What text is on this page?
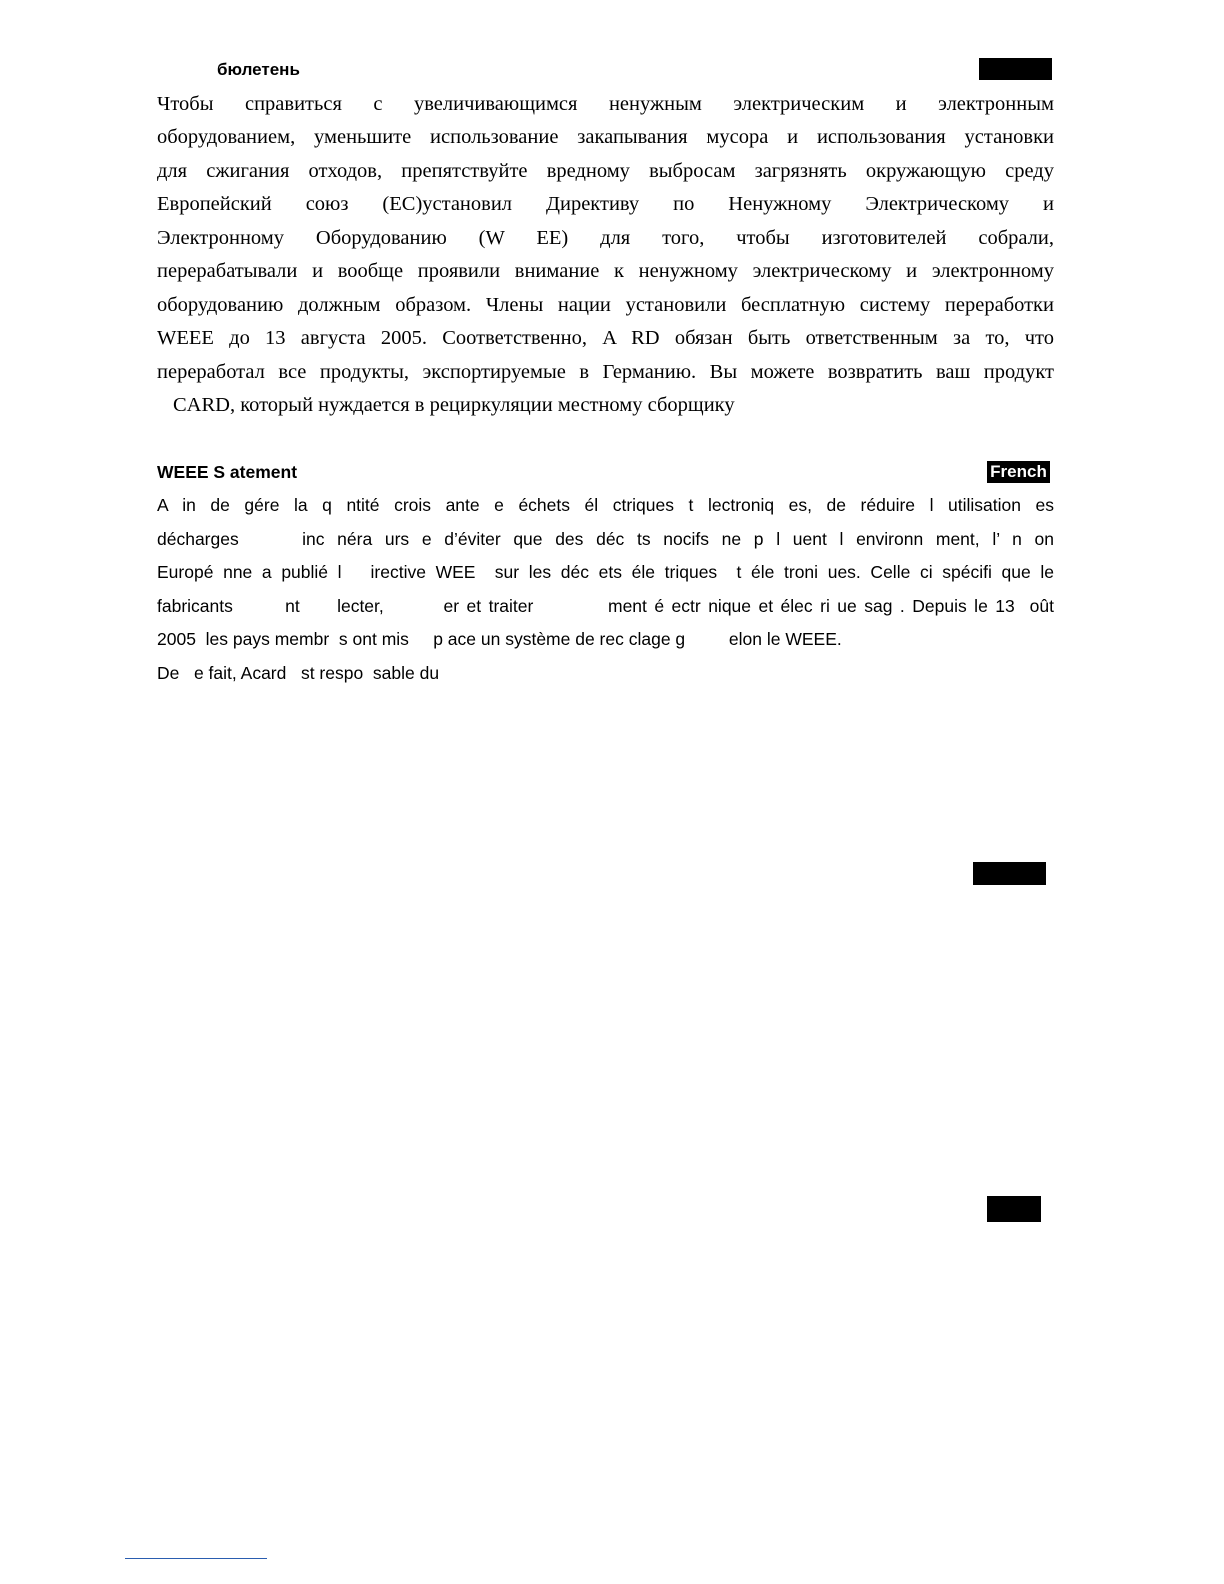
бюлетень
Чтобы справиться с увеличивающимся ненужным электрическим и электронным
оборудованием, уменьшите использование закапывания мусора и использования установки
для сжигания отходов, препятствуйте вредному выбросам загрязнять окружающую среду
Европейский союз (ЕС)установил Директиву по Ненужному Электрическому и
Электронному Оборудованию (W EE) для того, чтобы изготовителей собрали,
перерабатывали и вообще проявили внимание к ненужному электрическому и электронному
оборудованию должным образом. Члены нации установили бесплатную систему переработки
WEEE до 13 августа 2005. Соответственно, A RD обязан быть ответственным за то, что
переработал все продукты, экспортируемые в Германию. Вы можете возвратить ваш продукт
CARD, который нуждается в рециркуляции местному сборщику
WEEE S atement	French
A in de gére la q ntité crois ante e échets él ctriques t lectroniq es, de réduire l utilisation es
décharges     inc néra urs e d’éviter que des déc ts nocifs ne p l uent l environn ment, l’ n on
Europé nne a publié l   irective WEE  sur les déc ets éle triques  t éle troni ues. Celle ci spécifi que le
fabricants       nt     lecter,        er et traiter          ment é ectr nique et élec ri ue sag . Depuis le 13  oût
2005  les pays membr  s ont mis     p ace un système de rec clage g         elon le WEEE.
De   e fait, Acard   st respo  sable du
